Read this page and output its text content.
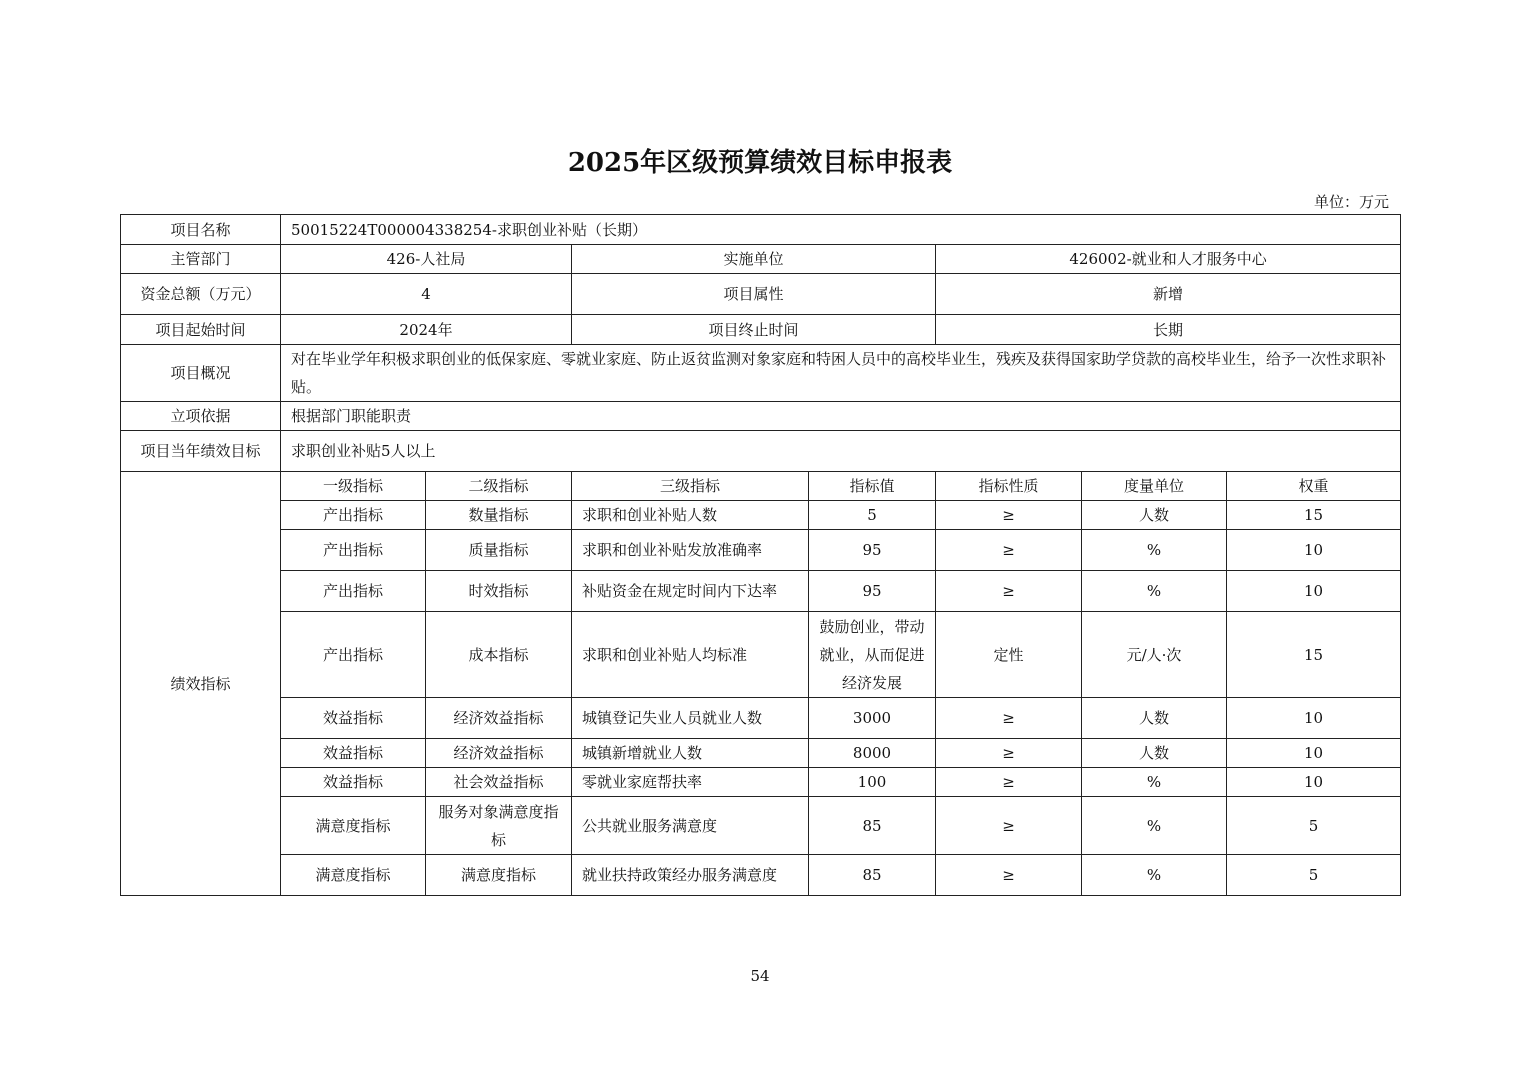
2025年区级预算绩效目标申报表
单位：万元
项目名称	50015224T000004338254-求职创业补贴（长期）						
主管部门	426-人社局		实施单位		426002-就业和人才服务中心		
资金总额（万元）	4		项目属性		新增		
项目起始时间	2024年		项目终止时间		长期		
项目概况	对在毕业学年积极求职创业的低保家庭、零就业家庭、防止返贫监测对象家庭和特困人员中的高校毕业生，残疾及获得国家助学贷款的高校毕业生，给予一次性求职补贴。						
立项依据	根据部门职能职责						
项目当年绩效目标	求职创业补贴5人以上						
绩效指标	一级指标	二级指标	三级指标	指标值	指标性质	度量单位	权重
	产出指标	数量指标	求职和创业补贴人数	5	≥	人数	15
	产出指标	质量指标	求职和创业补贴发放准确率	95	≥	%	10
	产出指标	时效指标	补贴资金在规定时间内下达率	95	≥	%	10
	产出指标	成本指标	求职和创业补贴人均标准	鼓励创业，带动就业，从而促进经济发展	定性	元/人·次	15
	效益指标	经济效益指标	城镇登记失业人员就业人数	3000	≥	人数	10
	效益指标	经济效益指标	城镇新增就业人数	8000	≥	人数	10
	效益指标	社会效益指标	零就业家庭帮扶率	100	≥	%	10
	满意度指标	服务对象满意度指标	公共就业服务满意度	85	≥	%	5
	满意度指标	满意度指标	就业扶持政策经办服务满意度	85	≥	%	5
54
